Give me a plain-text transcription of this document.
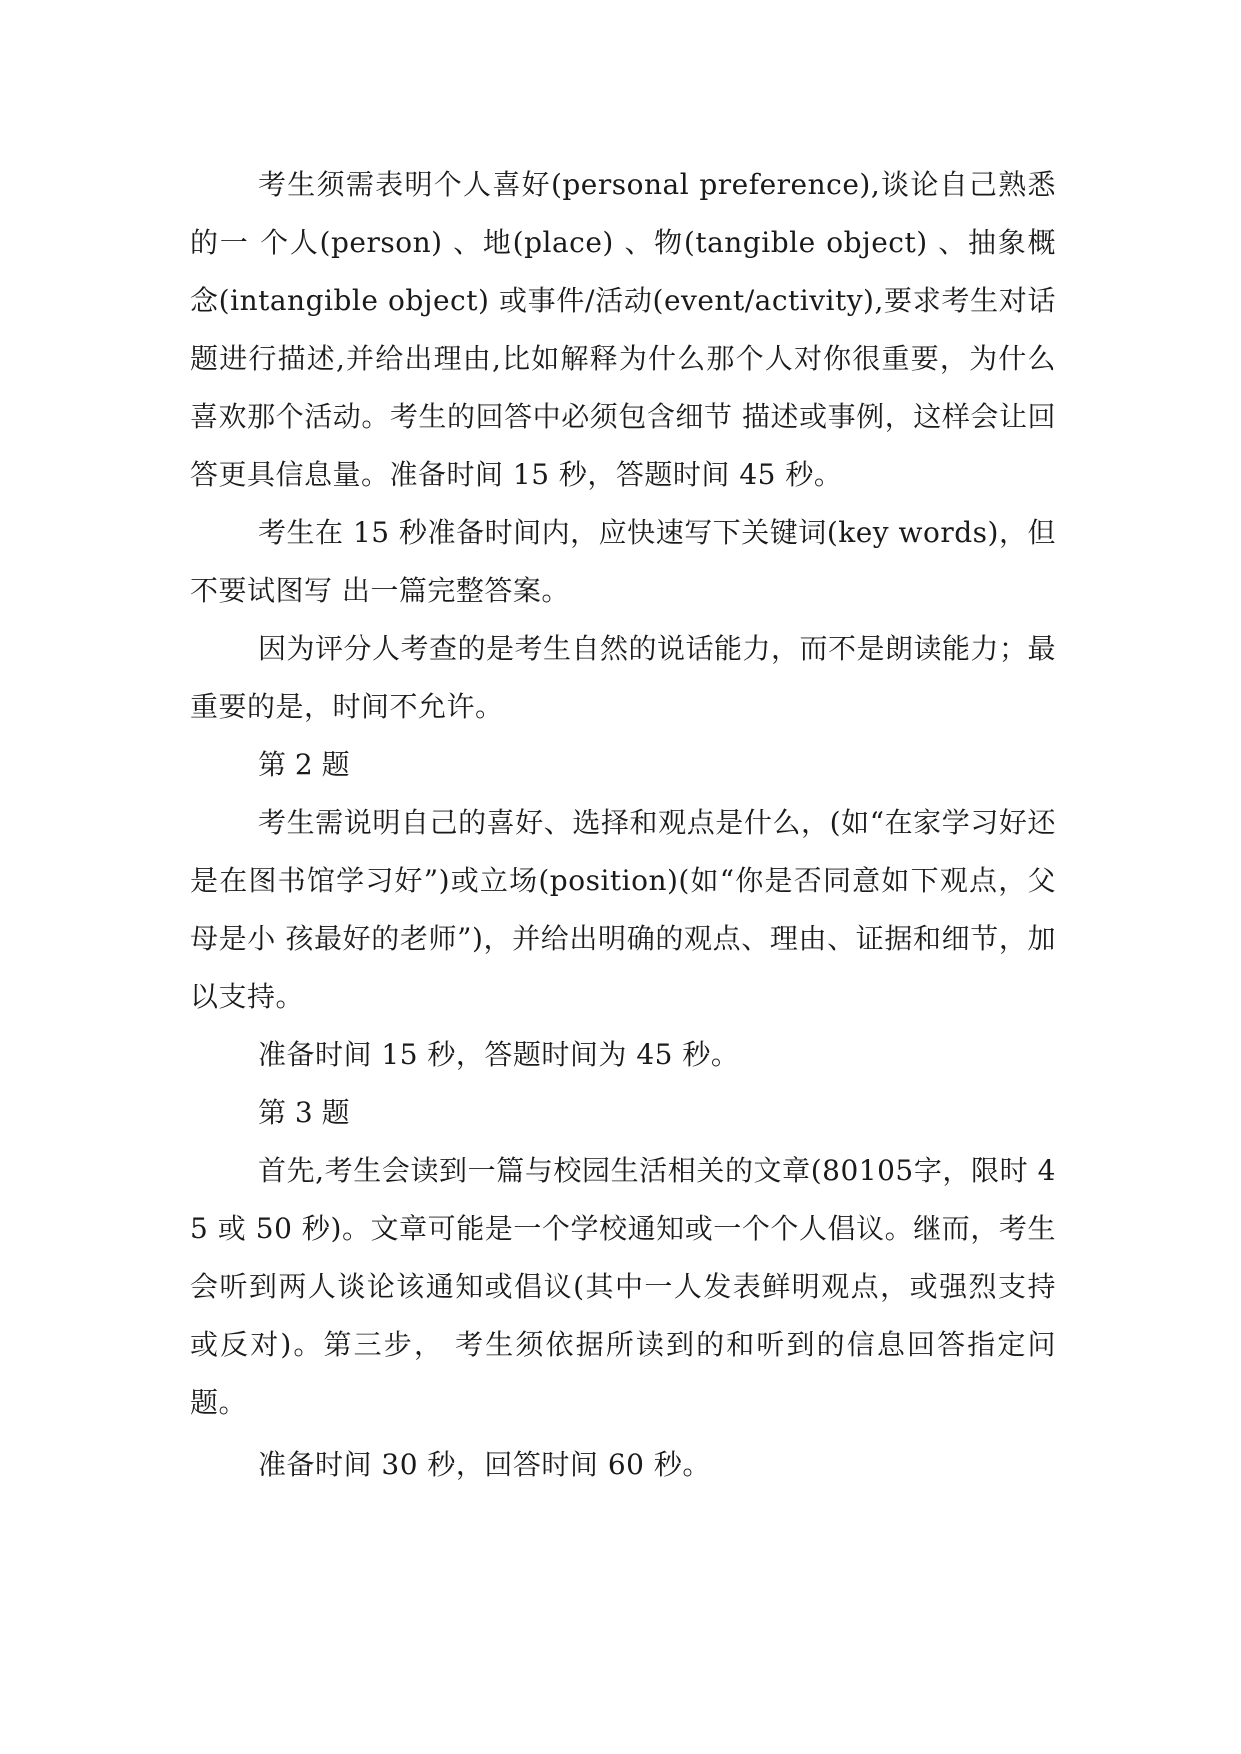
考生须需表明个人喜好(personal preference),谈论自己熟悉的一 个人(person) 、地(place) 、物(tangible object) 、抽象概念(intangible object) 或事件/活动(event/activity),要求考生对话题进行描述,并给出理由,比如解释为什么那个人对你很重要，为什么喜欢那个活动。考生的回答中必须包含细节 描述或事例，这样会让回答更具信息量。准备时间 15 秒，答题时间 45 秒。

考生在 15 秒准备时间内，应快速写下关键词(key words)，但不要试图写 出一篇完整答案。

因为评分人考查的是考生自然的说话能力，而不是朗读能力；最重要的是，时间不允许。

第 2 题

考生需说明自己的喜好、选择和观点是什么，(如“在家学习好还 是在图书馆学习好”)或立场(position)(如“你是否同意如下观点，父母是小 孩最好的老师”)，并给出明确的观点、理由、证据和细节，加以支持。

准备时间 15 秒，答题时间为 45 秒。

第 3 题

首先,考生会读到一篇与校园生活相关的文章(80105字，限时 45 或 50 秒)。文章可能是一个学校通知或一个个人倡议。继而，考生会听到两人谈论该通知或倡议(其中一人发表鲜明观点，或强烈支持或反对)。第三步， 考生须依据所读到的和听到的信息回答指定问题。

准备时间 30 秒，回答时间 60 秒。
